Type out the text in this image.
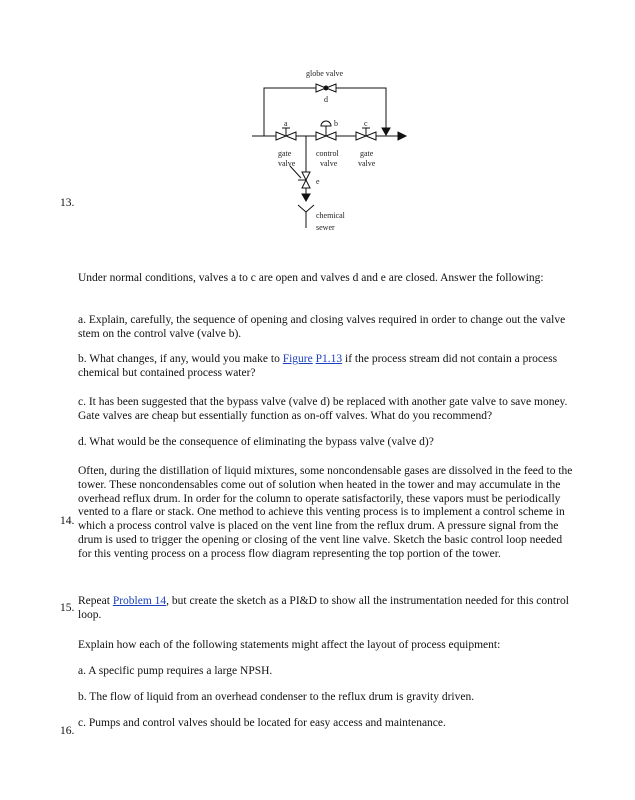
globe valve
d
a	b	c
gate
valve
control
valve
gate
valve
e
chemical
sewer
13.

Under normal conditions, valves a to c are open and valves d and e are closed. Answer the following:

a. Explain, carefully, the sequence of opening and closing valves required in order to change out the valve stem on the control valve (valve b).

b. What changes, if any, would you make to Figure P1.13 if the process stream did not contain a process chemical but contained process water?

c. It has been suggested that the bypass valve (valve d) be replaced with another gate valve to save money. Gate valves are cheap but essentially function as on-off valves. What do you recommend?

d. What would be the consequence of eliminating the bypass valve (valve d)?

14.

Often, during the distillation of liquid mixtures, some noncondensable gases are dissolved in the feed to the tower. These noncondensables come out of solution when heated in the tower and may accumulate in the overhead reflux drum. In order for the column to operate satisfactorily, these vapors must be periodically vented to a flare or stack. One method to achieve this venting process is to implement a control scheme in which a process control valve is placed on the vent line from the reflux drum. A pressure signal from the drum is used to trigger the opening or closing of the vent line valve. Sketch the basic control loop needed for this venting process on a process flow diagram representing the top portion of the tower.

15.

Repeat Problem 14, but create the sketch as a PI&D to show all the instrumentation needed for this control loop.

Explain how each of the following statements might affect the layout of process equipment:

a. A specific pump requires a large NPSH.

b. The flow of liquid from an overhead condenser to the reflux drum is gravity driven.

c. Pumps and control valves should be located for easy access and maintenance.

16.
